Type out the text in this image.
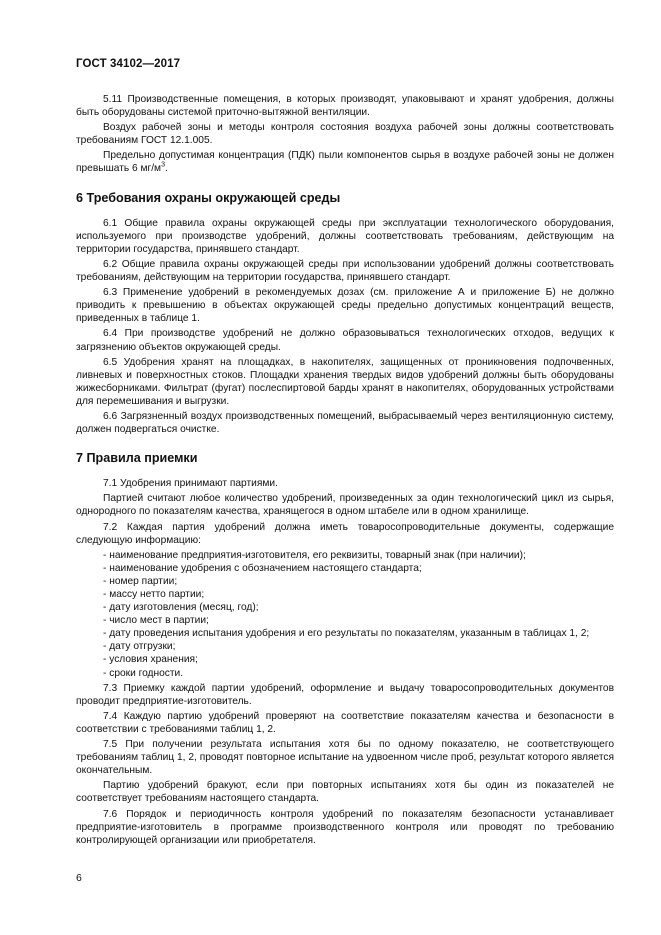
ГОСТ 34102—2017

5.11 Производственные помещения, в которых производят, упаковывают и хранят удобрения, должны быть оборудованы системой приточно-вытяжной вентиляции.

Воздух рабочей зоны и методы контроля состояния воздуха рабочей зоны должны соответствовать требованиям ГОСТ 12.1.005.

Предельно допустимая концентрация (ПДК) пыли компонентов сырья в воздухе рабочей зоны не должен превышать 6 $мг/м^3$.

6 Требования охраны окружающей среды

6.1 Общие правила охраны окружающей среды при эксплуатации технологического оборудования, используемого при производстве удобрений, должны соответствовать требованиям, действующим на территории государства, принявшего стандарт.

6.2 Общие правила охраны окружающей среды при использовании удобрений должны соответствовать требованиям, действующим на территории государства, принявшего стандарт.

6.3 Применение удобрений в рекомендуемых дозах (см. приложение А и приложение Б) не должно приводить к превышению в объектах окружающей среды предельно допустимых концентраций веществ, приведенных в таблице 1.

6.4 При производстве удобрений не должно образовываться технологических отходов, ведущих к загрязнению объектов окружающей среды.

6.5 Удобрения хранят на площадках, в накопителях, защищенных от проникновения подпочвенных, ливневых и поверхностных стоков. Площадки хранения твердых видов удобрений должны быть оборудованы жижесборниками. Фильтрат (фугат) послеспиртовой барды хранят в накопителях, оборудованных устройствами для перемешивания и выгрузки.

6.6 Загрязненный воздух производственных помещений, выбрасываемый через вентиляционную систему, должен подвергаться очистке.

7 Правила приемки

7.1 Удобрения принимают партиями.

Партией считают любое количество удобрений, произведенных за один технологический цикл из сырья, однородного по показателям качества, хранящегося в одном штабеле или в одном хранилище.

7.2 Каждая партия удобрений должна иметь товаросопроводительные документы, содержащие следующую информацию:

- наименование предприятия-изготовителя, его реквизиты, товарный знак (при наличии);
- наименование удобрения с обозначением настоящего стандарта;
- номер партии;
- массу нетто партии;
- дату изготовления (месяц, год);
- число мест в партии;
- дату проведения испытания удобрения и его результаты по показателям, указанным в таблицах 1, 2;
- дату отгрузки;
- условия хранения;
- сроки годности.

7.3 Приемку каждой партии удобрений, оформление и выдачу товаросопроводительных документов проводит предприятие-изготовитель.

7.4 Каждую партию удобрений проверяют на соответствие показателям качества и безопасности в соответствии с требованиями таблиц 1, 2.

7.5 При получении результата испытания хотя бы по одному показателю, не соответствующего требованиям таблиц 1, 2, проводят повторное испытание на удвоенном числе проб, результат которого является окончательным.

Партию удобрений бракуют, если при повторных испытаниях хотя бы один из показателей не соответствует требованиям настоящего стандарта.

7.6 Порядок и периодичность контроля удобрений по показателям безопасности устанавливает предприятие-изготовитель в программе производственного контроля или проводят по требованию контролирующей организации или приобретателя.

6
